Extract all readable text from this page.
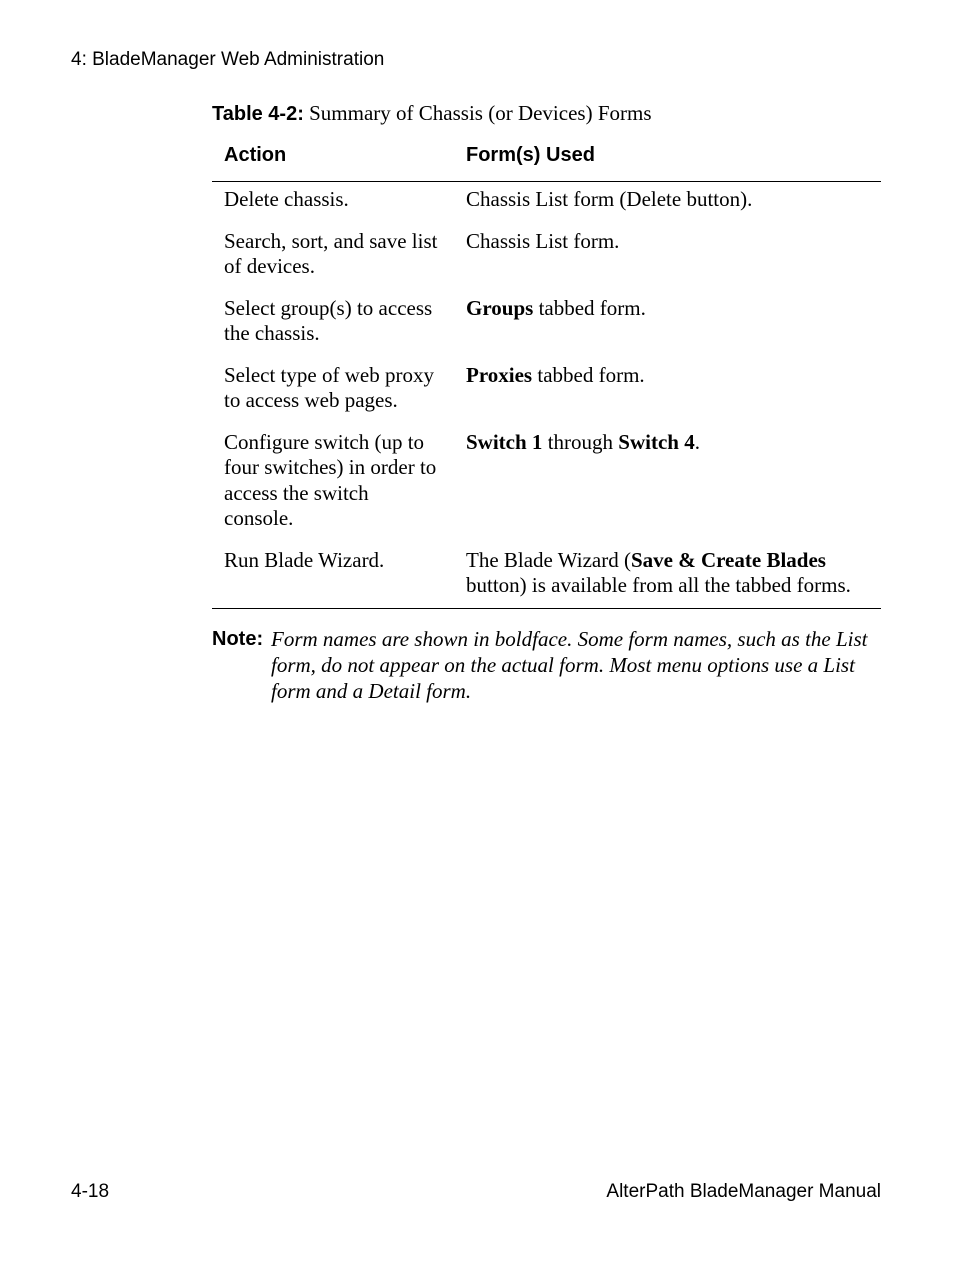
4: BladeManager Web Administration
Table 4-2: Summary of Chassis (or Devices) Forms
Action	Form(s) Used
Delete chassis.	Chassis List form (Delete button).
Search, sort, and save list of devices.	Chassis List form.
Select group(s) to access the chassis.	Groups tabbed form.
Select type of web proxy to access web pages.	Proxies tabbed form.
Configure switch (up to four switches) in order to access the switch console.	Switch 1 through Switch 4.
Run Blade Wizard.	The Blade Wizard (Save & Create Blades button) is available from all the tabbed forms.
Note: Form names are shown in boldface. Some form names, such as the List form, do not appear on the actual form. Most menu options use a List form and a Detail form.
4-18	AlterPath BladeManager Manual
